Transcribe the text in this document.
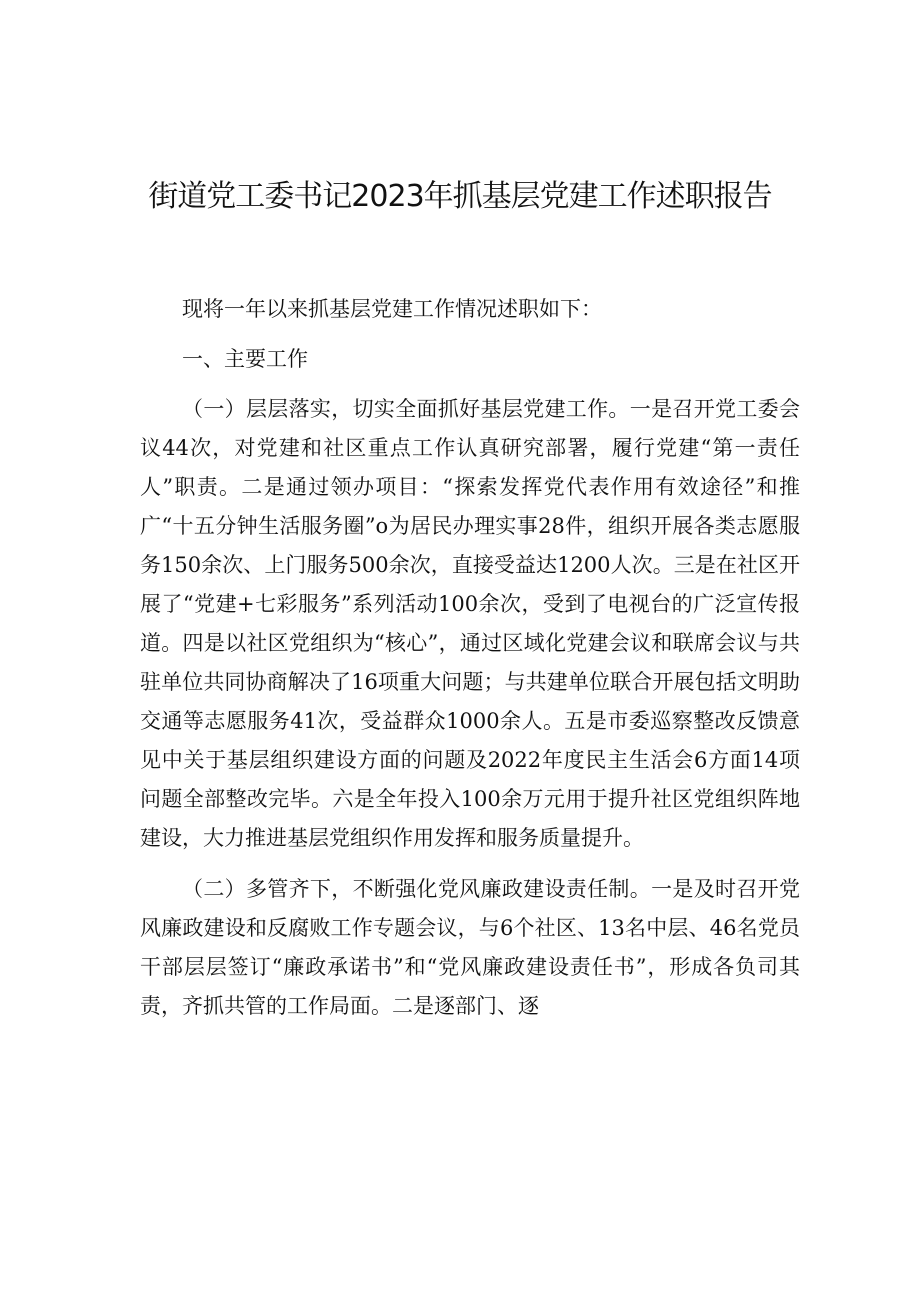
街道党工委书记2023年抓基层党建工作述职报告

现将一年以来抓基层党建工作情况述职如下：

一、主要工作

（一）层层落实，切实全面抓好基层党建工作。一是召开党工委会议44次，对党建和社区重点工作认真研究部署，履行党建“第一责任人”职责。二是通过领办项目：“探索发挥党代表作用有效途径”和推广“十五分钟生活服务圈”o为居民办理实事28件，组织开展各类志愿服务150余次、上门服务500余次，直接受益达1200人次。三是在社区开展了“党建+七彩服务”系列活动100余次，受到了电视台的广泛宣传报道。四是以社区党组织为“核心”，通过区域化党建会议和联席会议与共驻单位共同协商解决了16项重大问题；与共建单位联合开展包括文明助交通等志愿服务41次，受益群众1000余人。五是市委巡察整改反馈意见中关于基层组织建设方面的问题及2022年度民主生活会6方面14项问题全部整改完毕。六是全年投入100余万元用于提升社区党组织阵地建设，大力推进基层党组织作用发挥和服务质量提升。

（二）多管齐下，不断强化党风廉政建设责任制。一是及时召开党风廉政建设和反腐败工作专题会议，与6个社区、13名中层、46名党员干部层层签订“廉政承诺书”和“党风廉政建设责任书”，形成各负司其责，齐抓共管的工作局面。二是逐部门、逐
